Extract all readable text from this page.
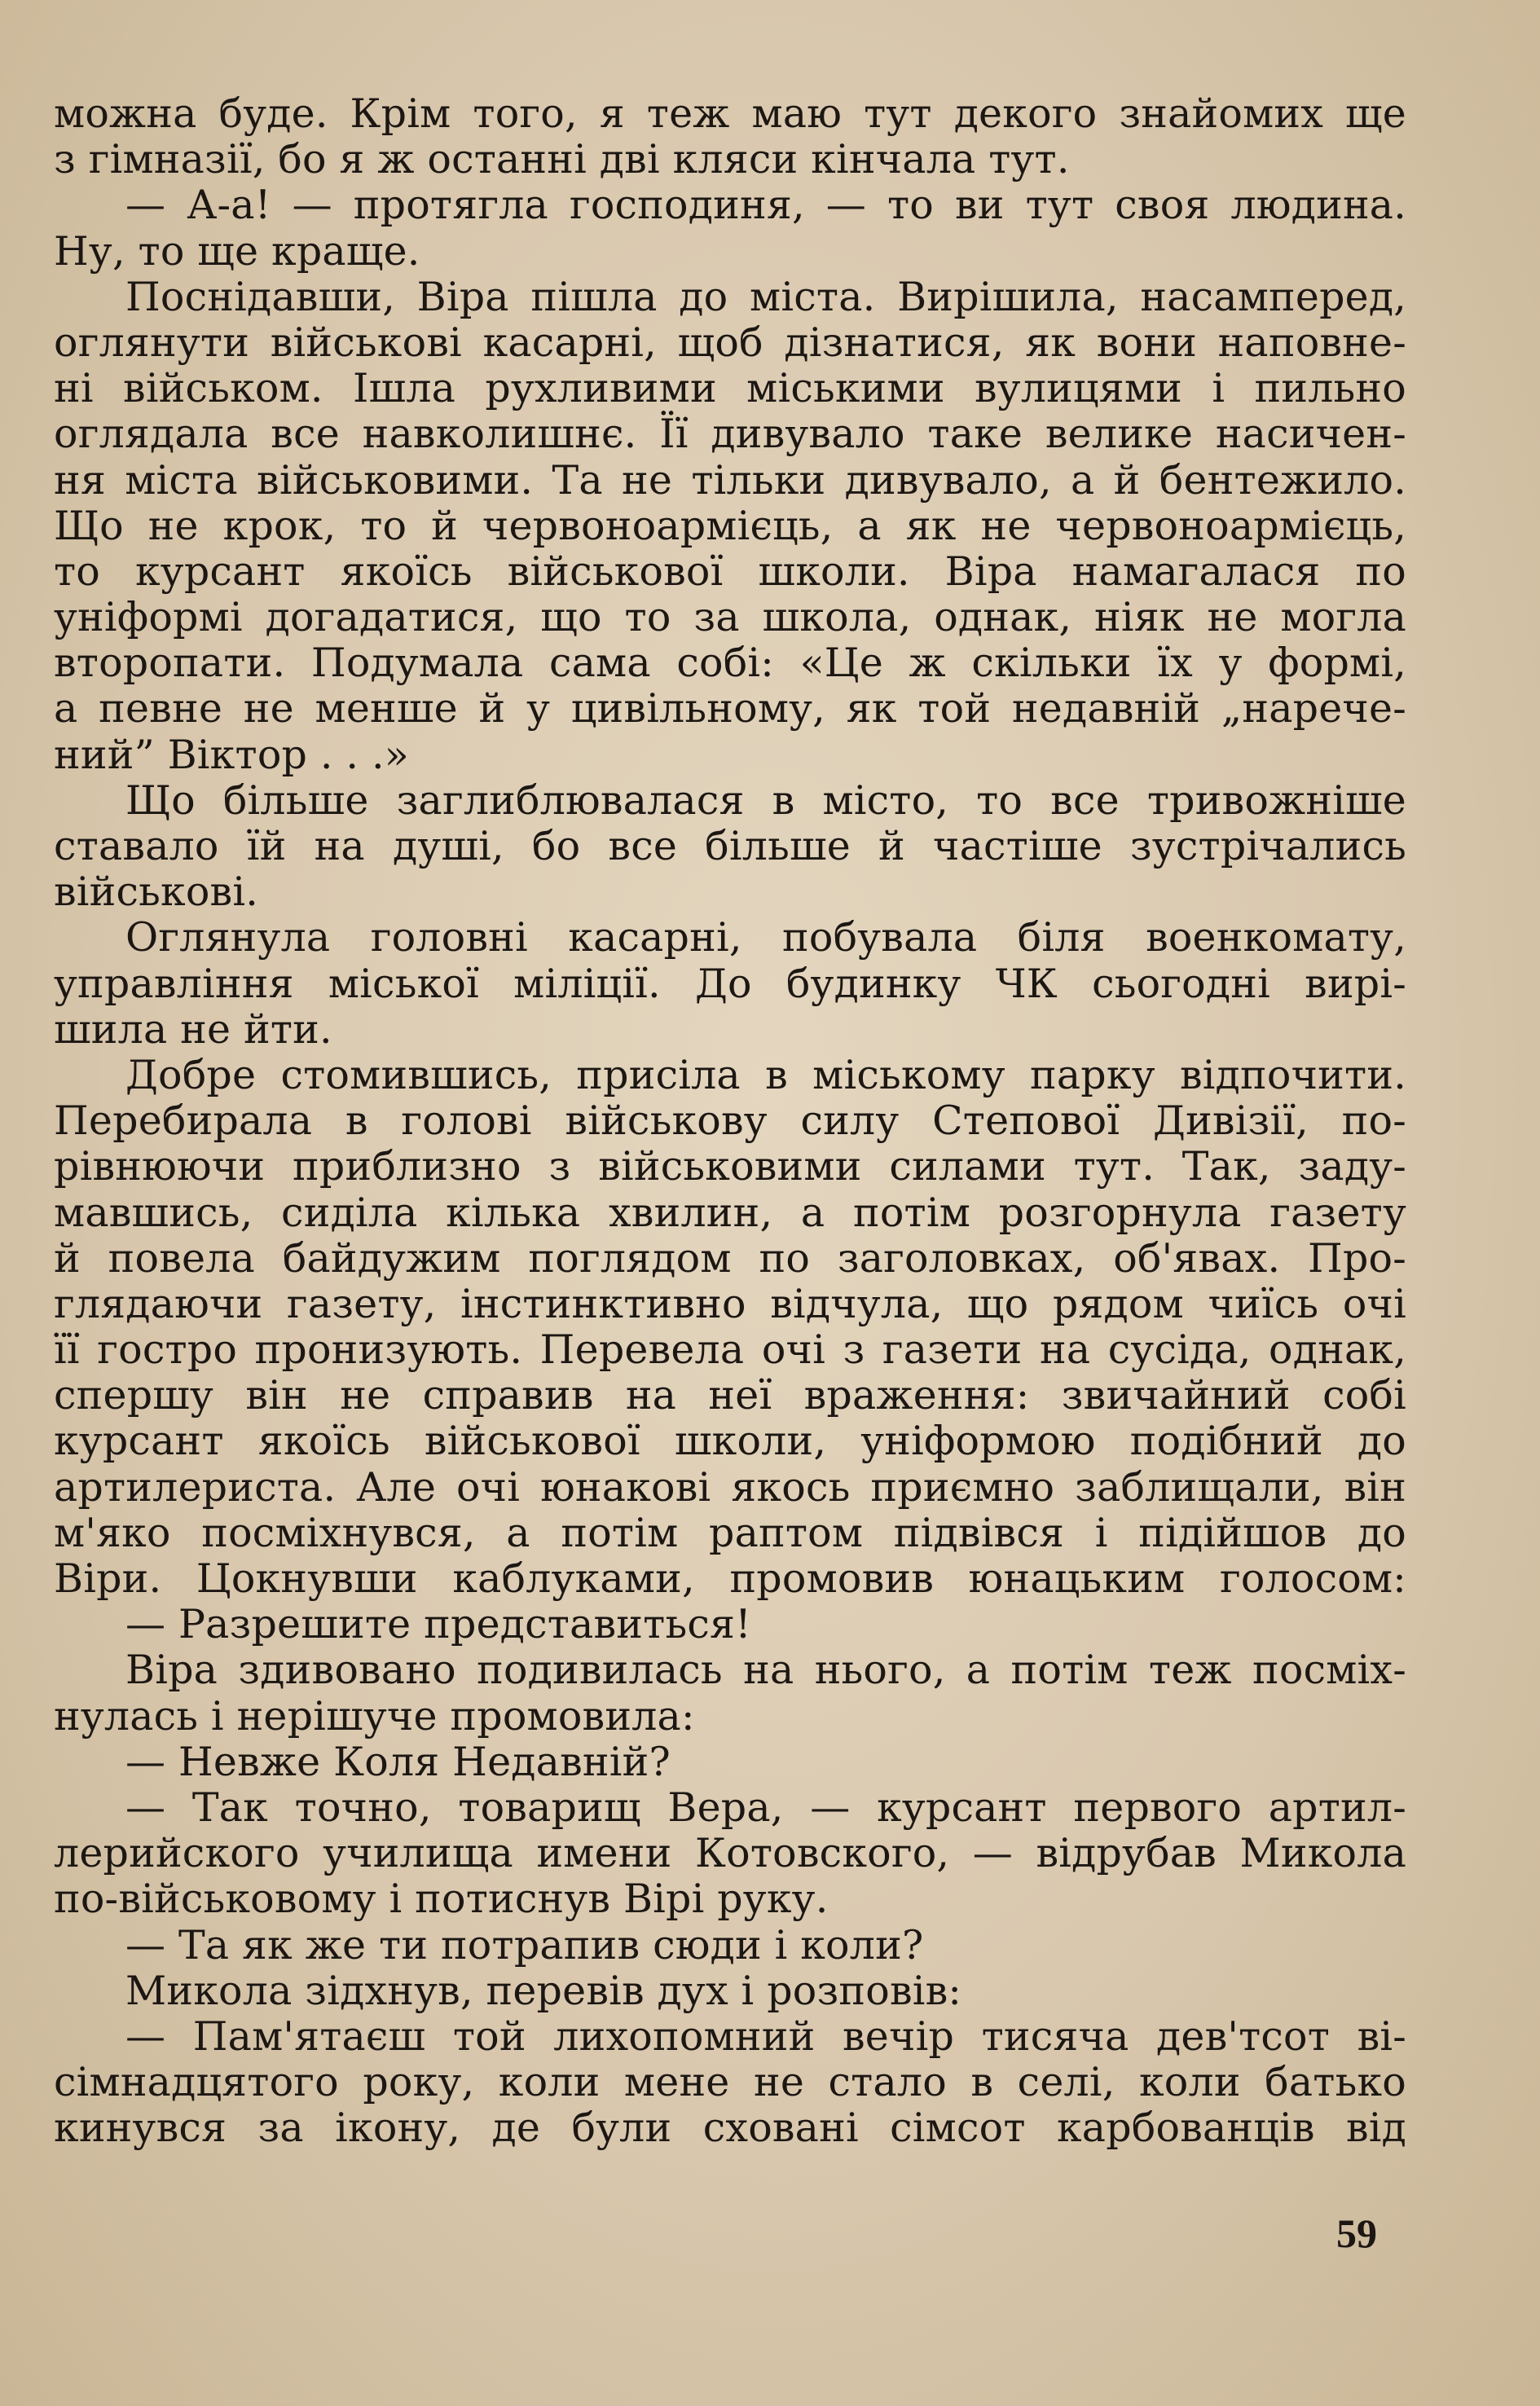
можна буде. Крім того, я теж маю тут декого знайомих ще
з гімназії, бо я ж останні дві кляси кінчала тут.
— А-а! — протягла господиня, — то ви тут своя людина.
Ну, то ще краще.
Поснідавши, Віра пішла до міста. Вирішила, насамперед,
оглянути військові касарні, щоб дізнатися, як вони наповне-
ні військом. Ішла рухливими міськими вулицями і пильно
оглядала все навколишнє. Її дивувало таке велике насичен-
ня міста військовими. Та не тільки дивувало, а й бентежило.
Що не крок, то й червоноармієць, а як не червоноармієць,
то курсант якоїсь військової школи. Віра намагалася по
уніформі догадатися, що то за школа, однак, ніяк не могла
второпати. Подумала сама собі: «Це ж скільки їх у формі,
а певне не менше й у цивільному, як той недавній „нарече-
ний” Віктор . . .»
Що більше заглиблювалася в місто, то все тривожніше
ставало їй на душі, бо все більше й частіше зустрічались
військові.
Оглянула головні касарні, побувала біля военкомату,
управління міської міліції. До будинку ЧК сьогодні вирі-
шила не йти.
Добре стомившись, присіла в міському парку відпочити.
Перебирала в голові військову силу Степової Дивізії, по-
рівнюючи приблизно з військовими силами тут. Так, заду-
мавшись, сиділа кілька хвилин, а потім розгорнула газету
й повела байдужим поглядом по заголовках, об'явах. Про-
глядаючи газету, інстинктивно відчула, що рядом чиїсь очі
її гостро пронизують. Перевела очі з газети на сусіда, однак,
спершу він не справив на неї враження: звичайний собі
курсант якоїсь військової школи, уніформою подібний до
артилериста. Але очі юнакові якось приємно заблищали, він
м'яко посміхнувся, а потім раптом підвівся і підійшов до
Віри. Цокнувши каблуками, промовив юнацьким голосом:
— Разрешите представиться!
Віра здивовано подивилась на нього, а потім теж посміх-
нулась і нерішуче промовила:
— Невже Коля Недавній?
— Так точно, товарищ Вера, — курсант первого артил-
лерийского училища имени Котовского, — відрубав Микола
по-військовому і потиснув Вірі руку.
— Та як же ти потрапив сюди і коли?
Микола зідхнув, перевів дух і розповів:
— Пам'ятаєш той лихопомний вечір тисяча дев'тсот ві-
сімнадцятого року, коли мене не стало в селі, коли батько
кинувся за ікону, де були сховані сімсот карбованців від
59
